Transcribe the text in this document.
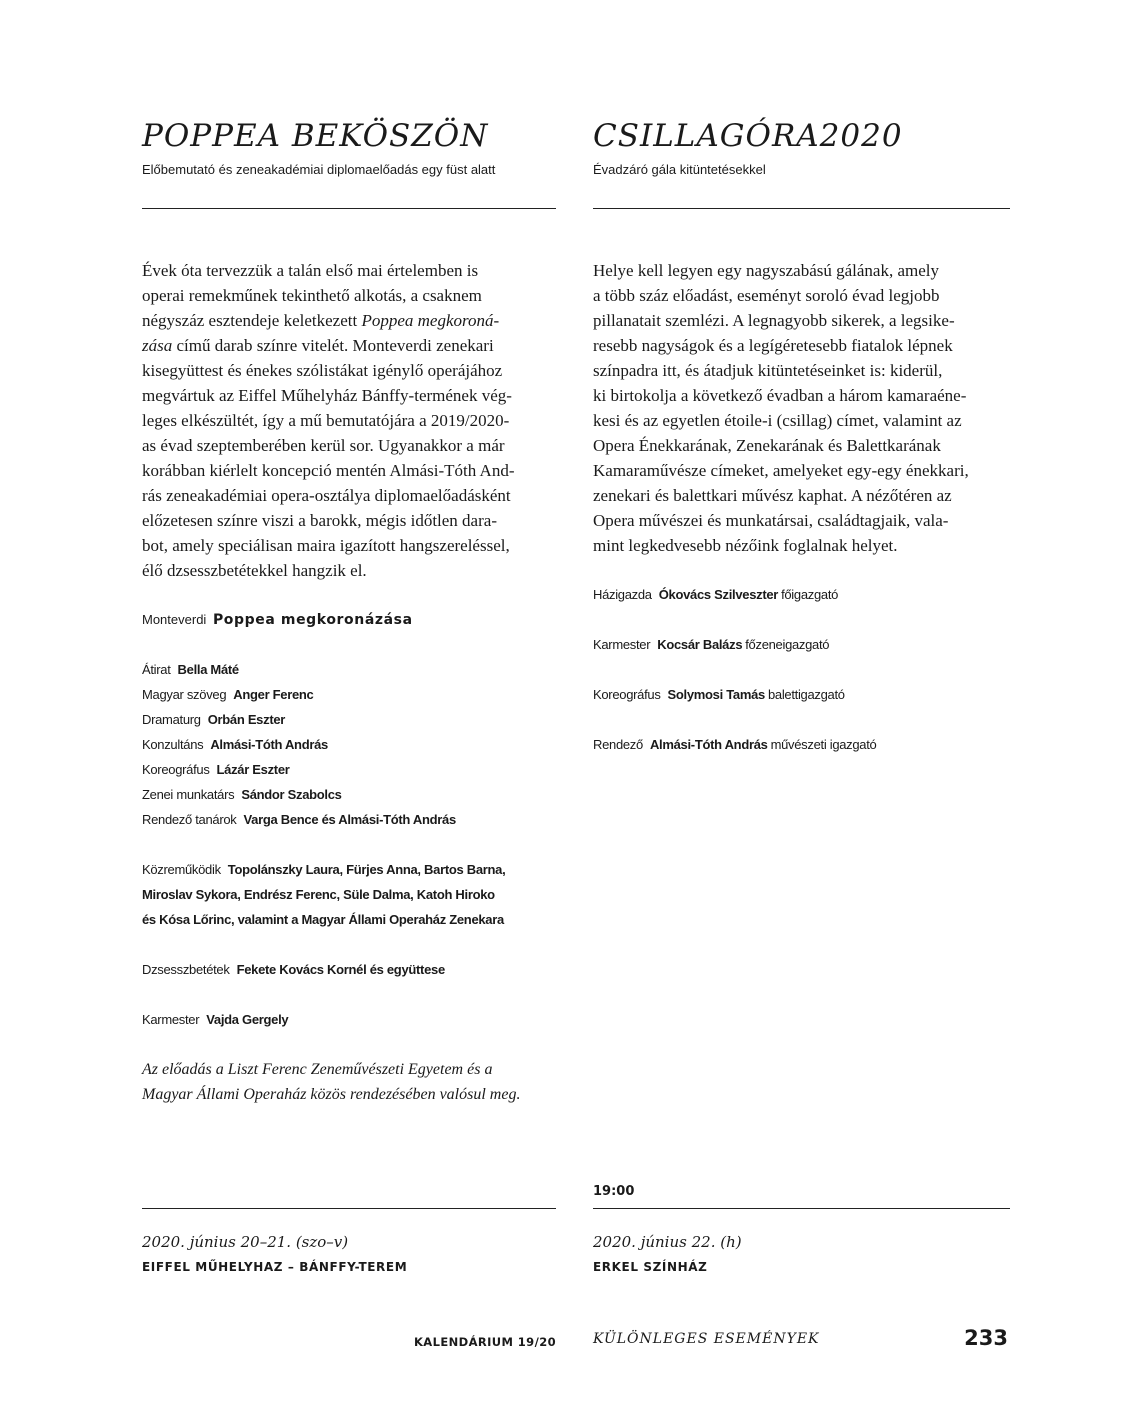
POPPEA BEKÖSZÖN
Előbemutató és zeneakadémiai diplomaelőadás egy füst alatt

Évek óta tervezzük a talán első mai értelemben is
operai remekműnek tekinthető alkotás, a csaknem
négyszáz esztendeje keletkezett Poppea megkoroná-
zása című darab színre vitelét. Monteverdi zenekari
kisegyüttest és énekes szólistákat igénylő operájához
megvártuk az Eiffel Műhelyház Bánffy-termének vég-
leges elkészültét, így a mű bemutatójára a 2019/2020-
as évad szeptemberében kerül sor. Ugyanakkor a már
korábban kiérlelt koncepció mentén Almási-Tóth And-
rás zeneakadémiai opera-osztálya diplomaelőadásként
előzetesen színre viszi a barokk, mégis időtlen dara-
bot, amely speciálisan maira igazított hangszereléssel,
élő dzsesszbetétekkel hangzik el.

Monteverdi Poppea megkoronázása
Átirat Bella Máté
Magyar szöveg Anger Ferenc
Dramaturg Orbán Eszter
Konzultáns Almási-Tóth András
Koreográfus Lázár Eszter
Zenei munkatárs Sándor Szabolcs
Rendező tanárok Varga Bence és Almási-Tóth András
Közreműködik Topolánszky Laura, Fürjes Anna, Bartos Barna,
Miroslav Sykora, Endrész Ferenc, Süle Dalma, Katoh Hiroko
és Kósa Lőrinc, valamint a Magyar Állami Operaház Zenekara
Dzsesszbetétek Fekete Kovács Kornél és együttese
Karmester Vajda Gergely

Az előadás a Liszt Ferenc Zeneművészeti Egyetem és a
Magyar Állami Operaház közös rendezésében valósul meg.

2020. június 20–21. (szo–v)
EIFFEL MŰHELYHAZ – BÁNFFY-TEREM
CSILLAGÓRA2020
Évadzáró gála kitüntetésekkel

Helye kell legyen egy nagyszabású gálának, amely
a több száz előadást, eseményt soroló évad legjobb
pillanatait szemlézi. A legnagyobb sikerek, a legsike-
resebb nagyságok és a legígéretesebb fiatalok lépnek
színpadra itt, és átadjuk kitüntetéseinket is: kiderül,
ki birtokolja a következő évadban a három kamaraéne-
kesi és az egyetlen étoile-i (csillag) címet, valamint az
Opera Énekkarának, Zenekarának és Balettkarának
Kamaraművésze címeket, amelyeket egy-egy énekkari,
zenekari és balettkari művész kaphat. A nézőtéren az
Opera művészei és munkatársai, családtagjaik, vala-
mint legkedvesebb nézőink foglalnak helyet.

Házigazda Ókovács Szilveszter főigazgató
Karmester Kocsár Balázs főzeneigazgató
Koreográfus Solymosi Tamás balettigazgató
Rendező Almási-Tóth András művészeti igazgató
19:00
2020. június 22. (h)
ERKEL SZÍNHÁZ
KALENDÁRIUM 19/20	KÜLÖNLEGES ESEMÉNYEK	233
